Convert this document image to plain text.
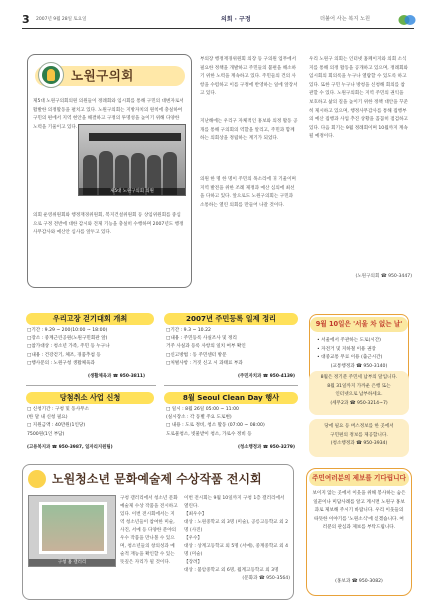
3 2007년 9월 28일 토요일	의회 · 구정	더불어 사는 복지 노원
노원구의회
제5대 노원구의회의원 의원들이 정례회와 임시회를 통해 구민의 대변자로서 활발한 의정활동을 펼치고 있다. 노원구의회는 지방자치의 원칙에 충실하여 구민의 편에서 지역 현안을 해결하고 구정의 투명성을 높이기 위해 다양한 노력을 기울이고 있다.
제5대 노원구의회 의원
의회 운영위원회와 행정재경위원회, 복지건설위원회 등 상임위원회를 중심으로 구정 전반에 대한 감시와 견제 기능을 충실히 수행하며 2007년도 행정사무감사와 예산안 심사를 앞두고 있다.
부의장 행정재경위원회 의장 등 구의원 업무에서 필요한 정책을 개발하고 주민들의 불편을 해소하기 위한 노력을 계속하고 있다. 주민들의 건의 사항을 수렴하고 이를 구정에 반영하는 일에 앞장서고 있다.
지난해에는 우리구 자체적인 홍보와 의정 활동 공개를 통해 구의회의 역할을 알리고, 주민과 함께하는 의회상을 정립하는 계기가 되었다.
의원 한 명 한 명이 주민의 목소리에 귀 기울이며 지역 발전을 위한 조례 제정과 예산 심의에 최선을 다하고 있다. 앞으로도 노원구의회는 구민과 소통하는 열린 의회를 만들어 나갈 것이다.
우리 노원구 의회는 인터넷 홈페이지와 의회 소식지를 통해 의정 활동을 공개하고 있으며, 정례회와 임시회의 회의록을 누구나 열람할 수 있도록 하고 있다. 또한 구민 누구나 방청을 신청해 회의를 참관할 수 있다. 노원구의회는 지역 주민의 권익을 보호하고 삶의 질을 높이기 위한 정책 대안을 꾸준히 제시하고 있으며, 행정사무감사를 통해 집행부의 예산 집행과 사업 추진 상황을 꼼꼼히 점검하고 있다. 다음 회기는 9월 정례회이며 10월까지 계속될 예정이다.
(노원구의회 ☎ 950-3447)
우리고장 걷기대회 개최
□기간 : 9.29 ~ 200(10:00 ~ 18:00)
□장소 : 중계근린공원(노원구민회관 앞)
□참가대상 : 청소년 가족, 주민 등 누구나
□내용 : 건강걷기, 체조, 경품추첨 등
□행사문의 : 노원구청 생활체육과
(생활체육과 ☎ 950-3811)
2007년 주민등록 일제 정리
□기간 : 9.3 ~ 10.22
□내용 : 주민등록 사실조사 및 정리
거주 사실과 등록 사항의 일치 여부 확인
□신고방법 : 동 주민센터 방문
□처벌사항 : 거짓 신고 시 과태료 부과
(주민자치과 ☎ 950-4139)
당첨취소 사업 신청
□ 신청기간 : 구청 및 동사무소
(한 달 내 신청 필요)
□ 지원금액 : 40만원(1인당)
7500원(1인 부담)
(고용복지과 ☎ 950-3987, 일자리지원팀)
8월 Seoul Clean Day 행사
□ 일시 : 8월 26일 05:00 ~ 11:00
(실시장소 : 각 동별 주요 도로변)
□ 내용 : 도로 정비, 청소 활동 (07:00 ~ 08:00)
도로물청소, 빗물받이 청소, 가로수 정비 등
(청소행정과 ☎ 950-3279)
9월 10일은 '서울 차 없는 날'
• 서울에서 주관하는 도로(시간)
• 자전거 및 지하철 이용 권장
• 대중교통 무료 이용 (출근시간)
(교통행정과 ☎ 950-3140)
8월은 정기분 주민세 납부의 달입니다.
8월 31일까지 가까운 은행 또는
인터넷으로 납부하세요.
(세무2과 ☎ 950-3214~7)
당에 필요 등 버스정보를 한 곳에서
구민편의 정보를 제공합니다.
(청소행정과 ☎ 950-3934)
주민여러분의 제보를 기다립니다
보이지 않는 곳에서 이웃을 위해 봉사하는 숨은 일꾼이나 미담사례를 알고 계시면 노원구 홍보과로 제보해 주시기 바랍니다. 우리 이웃들의 따뜻한 이야기를 '노원소식'에 싣겠습니다. 여러분의 관심과 제보를 부탁드립니다.
(홍보과 ☎ 950-3082)
노원청소년 문화예술제 수상작품 전시회
구청 홈 갤러리
구청 갤러리에서 청소년 문화예술제 수상 작품을 전시하고 있다. 이번 전시회에서는 지역 청소년들이 참여한 미술, 사진, 서예 등 다양한 분야의 우수 작품을 만나볼 수 있으며, 청소년들의 창의성과 예술적 재능을 확인할 수 있는 뜻깊은 자리가 될 것이다.
이번 전시회는 9월 10일까지 구청 1층 갤러리에서 열린다.
【최우수】
대상 : 노원중학교 외 3명 (미술), 공릉고등학교 외 2명 (사진)
【우수】
대상 : 상계고등학교 외 5명 (서예), 중계중학교 외 4명 (미술)
【장려】
대상 : 불암중학교 외 6명, 월계고등학교 외 3명
(문화과 ☎ 950-3564)
